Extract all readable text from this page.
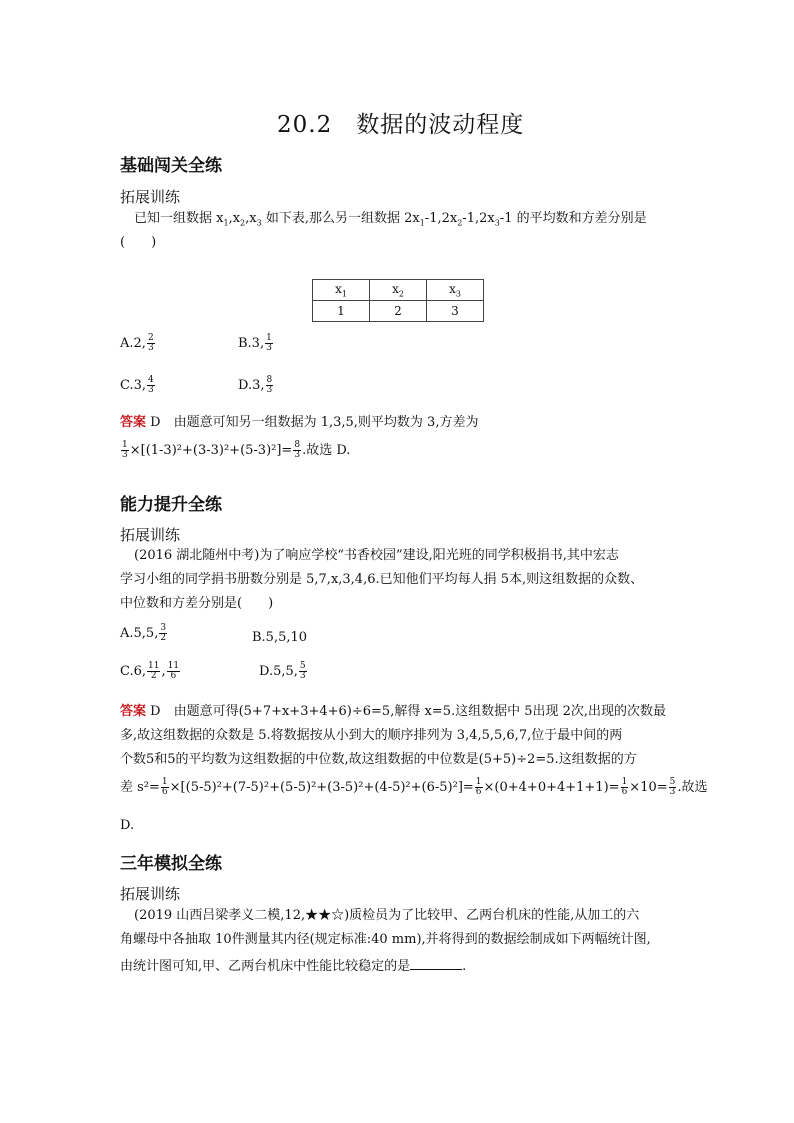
20.2　数据的波动程度
基础闯关全练
拓展训练
已知一组数据 $x_1,x_2,x_3$ 如下表,那么另一组数据 $2x_1-1,2x_2-1,2x_3-1$ 的平均数和方差分别是
(　　)
$x_1$	$x_2$	$x_3$
1	2	3
A.2, $\frac{2}{3}$	B.3, $\frac{1}{3}$
C.3, $\frac{4}{3}$	D.3, $\frac{8}{3}$
答案 D　由题意可知另一组数据为 1,3,5,则平均数为 3,方差为
$\frac{1}{3} \times[(1-3)^2+(3-3)^2+(5-3)^2]= \frac{8}{3}$ .故选 D.
能力提升全练
拓展训练
(2016 湖北随州中考)为了响应学校“书香校园”建设,阳光班的同学积极捐书,其中宏志
学习小组的同学捐书册数分别是 5,7,x,3,4,6.已知他们平均每人捐 5本,则这组数据的众数、
中位数和方差分别是(　　)
A.5,5, $\frac{3}{2}$	B.5,5,10
C.6, $\frac{11}{2}$ , $\frac{11}{6}$	D.5,5, $\frac{5}{3}$
答案 D　由题意可得(5+7+x+3+4+6)÷6=5,解得 x=5.这组数据中 5出现 2次,出现的次数最
多,故这组数据的众数是 5.将数据按从小到大的顺序排列为 3,4,5,5,6,7,位于最中间的两
个数5和5的平均数为这组数据的中位数,故这组数据的中位数是(5+5)÷2=5.这组数据的方
差 $s^2= \frac{1}{6} \times[(5-5)^2+(7-5)^2+(5-5)^2+(3-5)^2+(4-5)^2+(6-5)^2]= \frac{1}{6} \times(0+4+0+4+1+1)= \frac{1}{6} \times 10= \frac{5}{3}$ .故选
D.
三年模拟全练
拓展训练
(2019 山西吕梁孝义二模,12,★★☆)质检员为了比较甲、乙两台机床的性能,从加工的六
角螺母中各抽取 10件测量其内径(规定标准:40 mm),并将得到的数据绘制成如下两幅统计图,
由统计图可知,甲、乙两台机床中性能比较稳定的是	.
